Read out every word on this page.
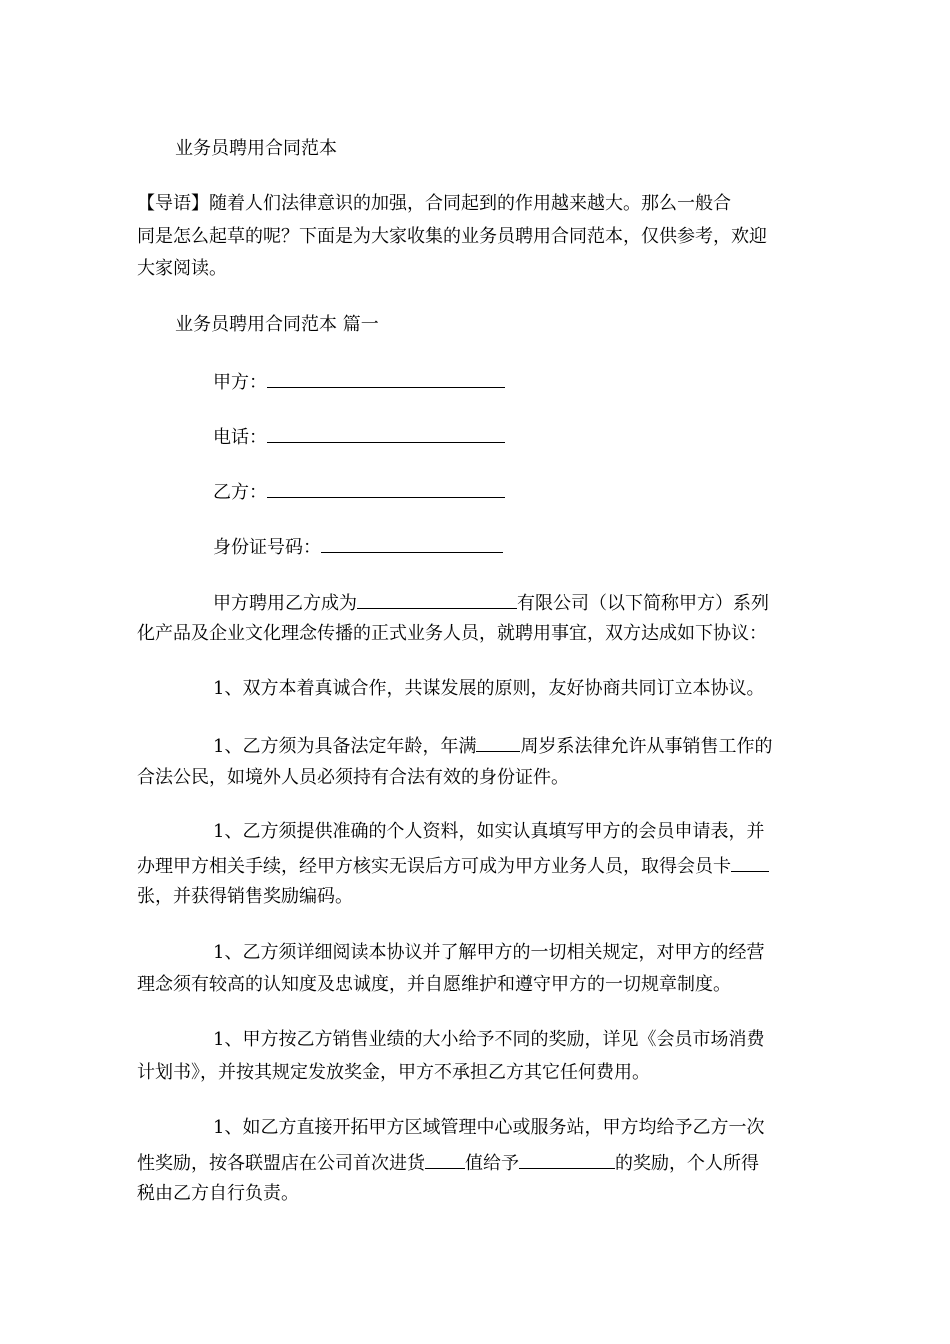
业务员聘用合同范本
【导语】随着人们法律意识的加强，合同起到的作用越来越大。那么一般合
同是怎么起草的呢？下面是为大家收集的业务员聘用合同范本，仅供参考，欢迎
大家阅读。
业务员聘用合同范本 篇一
甲方：
电话：
乙方：
身份证号码：
甲方聘用乙方成为	有限公司（以下简称甲方）系列
化产品及企业文化理念传播的正式业务人员，就聘用事宜，双方达成如下协议：
1、双方本着真诚合作，共谋发展的原则，友好协商共同订立本协议。
1、乙方须为具备法定年龄，年满 周岁系法律允许从事销售工作的
合法公民，如境外人员必须持有合法有效的身份证件。
1、乙方须提供准确的个人资料，如实认真填写甲方的会员申请表，并
办理甲方相关手续，经甲方核实无误后方可成为甲方业务人员，取得会员卡
张，并获得销售奖励编码。
1、乙方须详细阅读本协议并了解甲方的一切相关规定，对甲方的经营
理念须有较高的认知度及忠诚度，并自愿维护和遵守甲方的一切规章制度。
1、甲方按乙方销售业绩的大小给予不同的奖励，详见《会员市场消费
计划书》，并按其规定发放奖金，甲方不承担乙方其它任何费用。
1、如乙方直接开拓甲方区域管理中心或服务站，甲方均给予乙方一次
性奖励，按各联盟店在公司首次进货 值给予	的奖励，个人所得
税由乙方自行负责。
